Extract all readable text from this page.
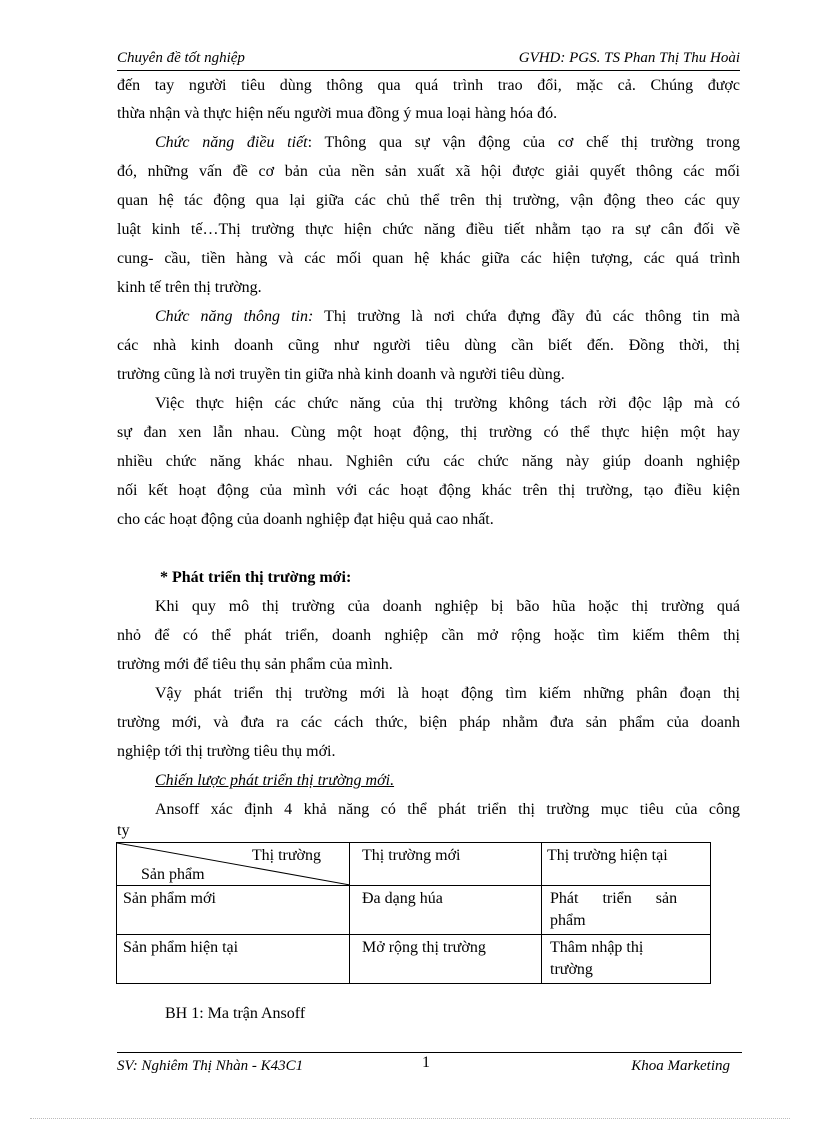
Chuyên đề tốt nghiệp	GVHD: PGS. TS Phan Thị Thu Hoài
đến tay người tiêu dùng thông qua quá trình trao đổi, mặc cả. Chúng được
thừa nhận và thực hiện nếu người mua đồng ý mua loại hàng hóa đó.
Chức năng điều tiết: Thông qua sự vận động của cơ chế thị trường trong
đó, những vấn đề cơ bản của nền sản xuất xã hội được giải quyết thông các mối
quan hệ tác động qua lại giữa các chủ thể trên thị trường, vận động theo các quy
luật kinh tế…Thị trường thực hiện chức năng điều tiết nhằm tạo ra sự cân đối về
cung- cầu, tiền hàng và các mối quan hệ khác giữa các hiện tượng, các quá trình
kinh tế trên thị trường.
Chức năng thông tin: Thị trường là nơi chứa đựng đầy đủ các thông tin mà
các nhà kinh doanh cũng như người tiêu dùng cần biết đến. Đồng thời, thị
trường cũng là nơi truyền tin giữa nhà kinh doanh và người tiêu dùng.
Việc thực hiện các chức năng của thị trường không tách rời độc lập mà có
sự đan xen lẫn nhau. Cùng một hoạt động, thị trường có thể thực hiện một hay
nhiều chức năng khác nhau. Nghiên cứu các chức năng này giúp doanh nghiệp
nối kết hoạt động của mình với các hoạt động khác trên thị trường, tạo điều kiện
cho các hoạt động của doanh nghiệp đạt hiệu quả cao nhất.
* Phát triển thị trường mới:
Khi quy mô thị trường của doanh nghiệp bị bão hũa hoặc thị trường quá
nhỏ để có thể phát triển, doanh nghiệp cần mở rộng hoặc tìm kiếm thêm thị
trường mới để tiêu thụ sản phẩm của mình.
Vậy phát triển thị trường mới là hoạt động tìm kiếm những phân đoạn thị
trường mới, và đưa ra các cách thức, biện pháp nhằm đưa sản phẩm của doanh
nghiệp tới thị trường tiêu thụ mới.
Chiến lược phát triển thị trường mới.
Ansoff xác định 4 khả năng có thể phát triển thị trường mục tiêu của công
ty
Thị trường
Sản phẩm	Thị trường mới	Thị trường hiện tại
Sản phẩm mới	Đa dạng húa	Phát      triển      sản
phẩm

Sản phẩm hiện tại	Mở rộng thị trường	Thâm nhập thị
trường
BH 1: Ma trận Ansoff
SV: Nghiêm Thị Nhàn - K43C1	1	Khoa Marketing
